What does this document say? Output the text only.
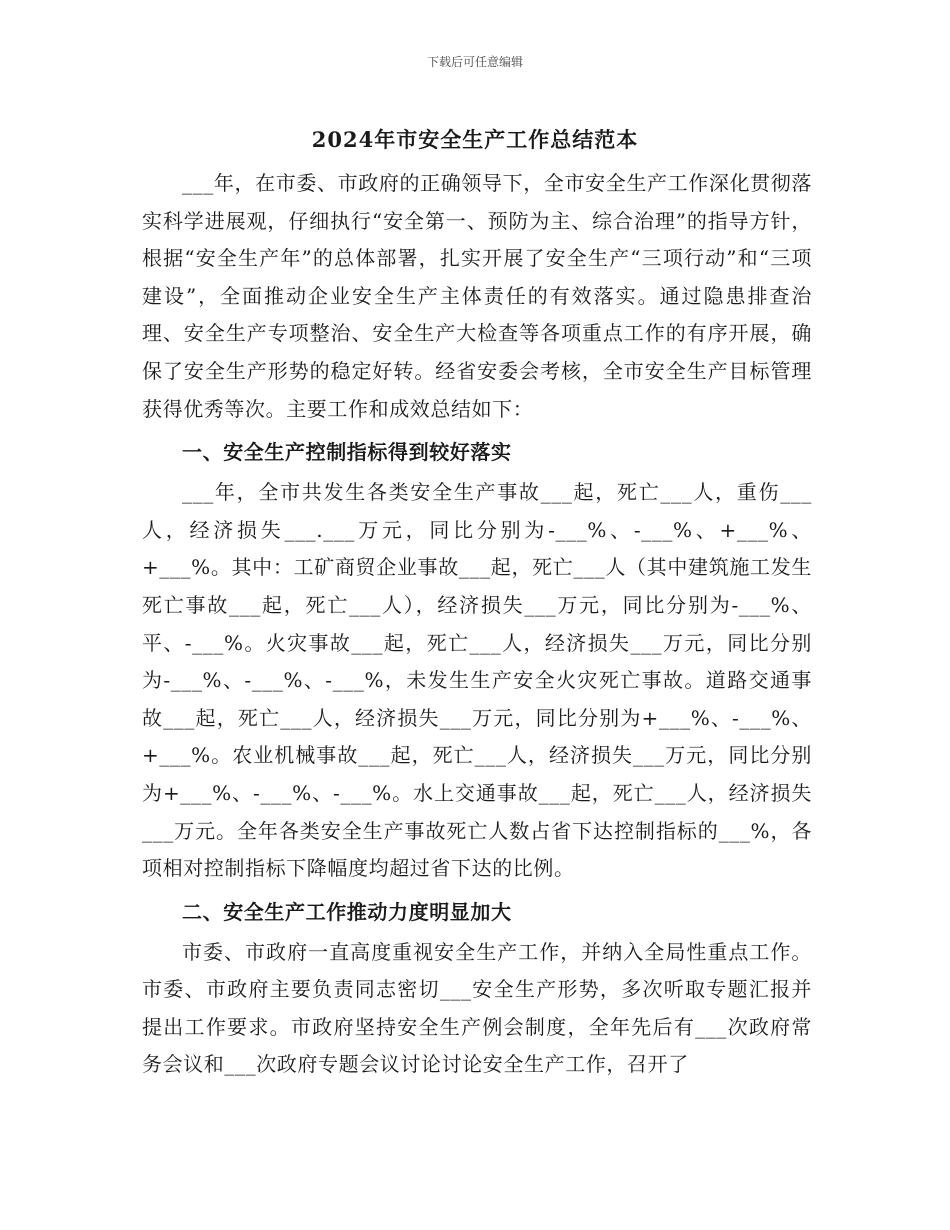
下载后可任意编辑
2024年市安全生产工作总结范本

___年，在市委、市政府的正确领导下，全市安全生产工作深化贯彻落实科学进展观，仔细执行“安全第一、预防为主、综合治理”的指导方针，根据“安全生产年”的总体部署，扎实开展了安全生产“三项行动”和“三项建设”，全面推动企业安全生产主体责任的有效落实。通过隐患排查治理、安全生产专项整治、安全生产大检查等各项重点工作的有序开展，确保了安全生产形势的稳定好转。经省安委会考核，全市安全生产目标管理获得优秀等次。主要工作和成效总结如下：

一、安全生产控制指标得到较好落实

___年，全市共发生各类安全生产事故___起，死亡___人，重伤___人，经济损失___.___万元，同比分别为-___%、-___%、+___%、+___%。其中：工矿商贸企业事故___起，死亡___人（其中建筑施工发生死亡事故___起，死亡___人），经济损失___万元，同比分别为-___%、平、-___%。火灾事故___起，死亡___人，经济损失___万元，同比分别为-___%、-___%、-___%，未发生生产安全火灾死亡事故。道路交通事故___起，死亡___人，经济损失___万元，同比分别为+___%、-___%、+___%。农业机械事故___起，死亡___人，经济损失___万元，同比分别为+___%、-___%、-___%。水上交通事故___起，死亡___人，经济损失___万元。全年各类安全生产事故死亡人数占省下达控制指标的___%，各项相对控制指标下降幅度均超过省下达的比例。

二、安全生产工作推动力度明显加大

市委、市政府一直高度重视安全生产工作，并纳入全局性重点工作。市委、市政府主要负责同志密切___安全生产形势，多次听取专题汇报并提出工作要求。市政府坚持安全生产例会制度，全年先后有___次政府常务会议和___次政府专题会议讨论讨论安全生产工作，召开了
